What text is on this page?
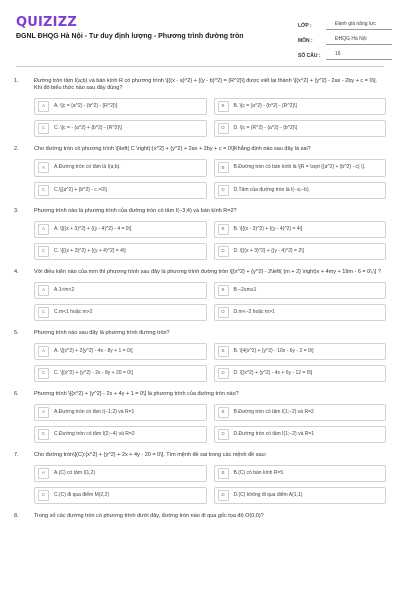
QUIZIZZ
ĐGNL ĐHQG Hà Nội - Tư duy định lượng - Phương trình đường tròn
LỚP :	Đánh giá năng lực
MÔN :	ĐHQG Hà Nội
SỐ CÂU :	16
1.	Đường tròn tâm I(a;b) và bán kính R có phương trình \[{(x - a)^2} + {(y - b)^2} = {R^2}\] được viết lại thành \[{x^2} + {y^2} - 2ax - 2by + c = 0\]. Khi đó biểu thức nào sau đây đúng?
A	A. \[c = {a^2} - {b^2} - {R^2}\]	B	B. \[c = {a^2} - {b^2} - {R^2}\]
C	C. \[c = - {a^2} + {b^2} - {R^2}\]	D	D. \[c = {R^2} - {a^2} - {b^2}\]
2.	Cho đường tròn có phương trình \[\left( C \right):{x^2} + {y^2} + 2ax + 2by + c = 0\]Khẳng định nào sau đây là sai?
A	A.Đường tròn có tâm là I(a;b).	B	B.Đường tròn có bán kính là \[R = \sqrt {{a^2} + {b^2} - c} \].
C	C.\[{a^2} + {b^2} - c >0\]	D	D.Tâm của đường tròn là I(−a;−b).
3.	Phương trình nào là phương trình của đường tròn có tâm I(−3;4) và bán kính R=2?
A	A. \[{(x + 3)^2} + {(y - 4)^2} - 4 = 0\]	B	B. \[{(x - 3)^2} + {(y - 4)^2} = 4\]
C	C. \[{(x + 3)^2} + {(y + 4)^2} = 4\]	D	D. \[{(x + 3)^2} + {(y - 4)^2} = 2\]
4.	Với điều kiện nào của mm thì phương trình sau đây là phương trình đường tròn \[{x^2} + {y^2} - 2\left( {m + 2} \right)x + 4my + 19m - 6 = 0\,\] ?
A	A.1<m<2	B	B.−2≤m≤1
C	C.m<1 hoặc m>2	D	D.m<−2 hoặc m>1
5.	Phương trình nào sau đây là phương trình đường tròn?
A	A. \[{x^2} + 2{y^2} - 4x - 8y + 1 = 0\]	B	B. \[4{x^2} + {y^2} - 10x - 6y - 2 = 0\]
C	C. \[{x^2} + {y^2} - 2x - 8y + 20 = 0\]	D	D. \[{x^2} + {y^2} - 4x + 6y - 12 = 0\]
6.	Phương trình \[{x^2} + {y^2} - 2x + 4y + 1 = 0\] là phương trình của đường tròn nào?
A	A.Đường tròn có tâm I(−1;2) và R=1	B	B.Đường tròn có tâm I(1;−2) và R=2
C	C.Đường tròn có tâm I(2;−4) và R=2	D	D.Đường tròn có tâm I(1;−2) và R=1
7.	Cho đường tròn\[(C):{x^2} + {y^2} + 2x + 4y - 20 = 0\]. Tìm mệnh đề sai trong các mệnh đề sau:
A	A.(C) có tâm I(1,2)	B	B.(C) có bán kính R=5
C	C.(C) đi qua điểm M(2,2)	D	D.(C) không đi qua điểm A(1,1)
8.	Trong số các đường tròn có phương trình dưới đây, đường tròn nào đi qua gốc tọa độ O(0,0)?
